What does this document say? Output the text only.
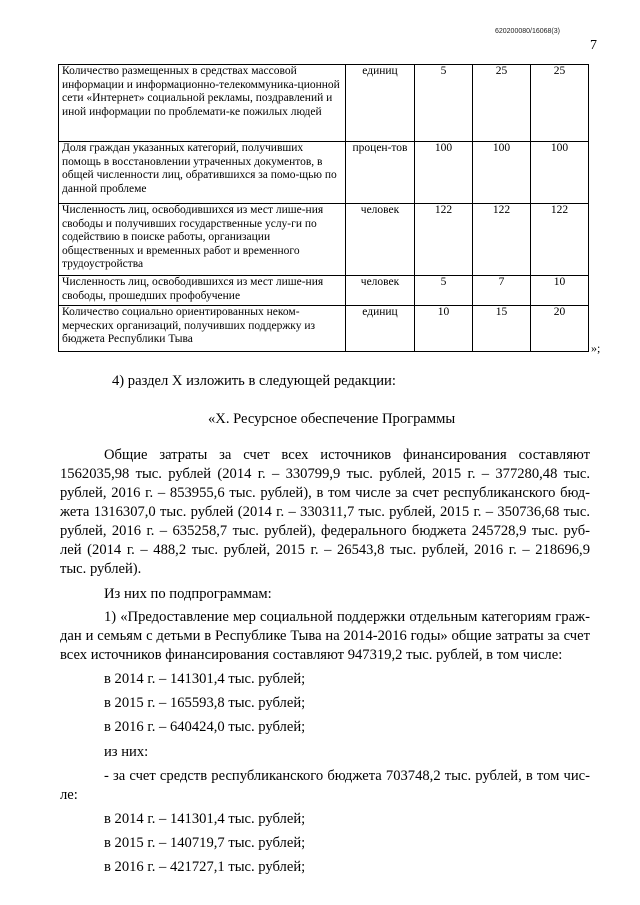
620200080/16068(3)
7
Количество размещенных в средствах массовой информации и информационно-телекоммуника-ционной сети «Интернет» социальной рекламы, поздравлений и иной информации по проблемати-ке пожилых людей	единиц	5	25	25
Доля граждан указанных категорий, получивших помощь в восстановлении утраченных документов, в общей численности лиц, обратившихся за помо-щью по данной проблеме	процен-тов	100	100	100
Численность лиц, освободившихся из мест лише-ния свободы и получивших государственные услу-ги по содействию в поиске работы, организации общественных и временных работ и временного трудоустройства	человек	122	122	122
Численность лиц, освободившихся из мест лише-ния свободы, прошедших профобучение	человек	5	7	10
Количество социально ориентированных неком-мерческих организаций, получивших поддержку из бюджета Республики Тыва	единиц	10	15	20
»;
4) раздел Х изложить в следующей редакции:
«X. Ресурсное обеспечение Программы
Общие затраты за счет всех источников финансирования составляют
1562035,98 тыс. рублей (2014 г. – 330799,9 тыс. рублей, 2015 г. – 377280,48 тыс.
рублей, 2016 г. – 853955,6 тыс. рублей), в том числе за счет республиканского бюд-
жета 1316307,0 тыс. рублей (2014 г. – 330311,7 тыс. рублей, 2015 г. – 350736,68 тыс.
рублей, 2016 г. – 635258,7 тыс. рублей), федерального бюджета 245728,9 тыс. руб-
лей (2014 г. – 488,2 тыс. рублей, 2015 г. – 26543,8 тыс. рублей, 2016 г. – 218696,9
тыс. рублей).
Из них по подпрограммам:
1) «Предоставление мер социальной поддержки отдельным категориям граж-
дан и семьям с детьми в Республике Тыва на 2014-2016 годы» общие затраты за счет
всех источников финансирования составляют 947319,2 тыс. рублей, в том числе:
в 2014 г. – 141301,4 тыс. рублей;
в 2015 г. – 165593,8 тыс. рублей;
в 2016 г. – 640424,0 тыс. рублей;
из них:
- за счет средств республиканского бюджета 703748,2 тыс. рублей, в том чис-
ле:
в 2014 г. – 141301,4 тыс. рублей;
в 2015 г. – 140719,7 тыс. рублей;
в 2016 г. – 421727,1 тыс. рублей;
